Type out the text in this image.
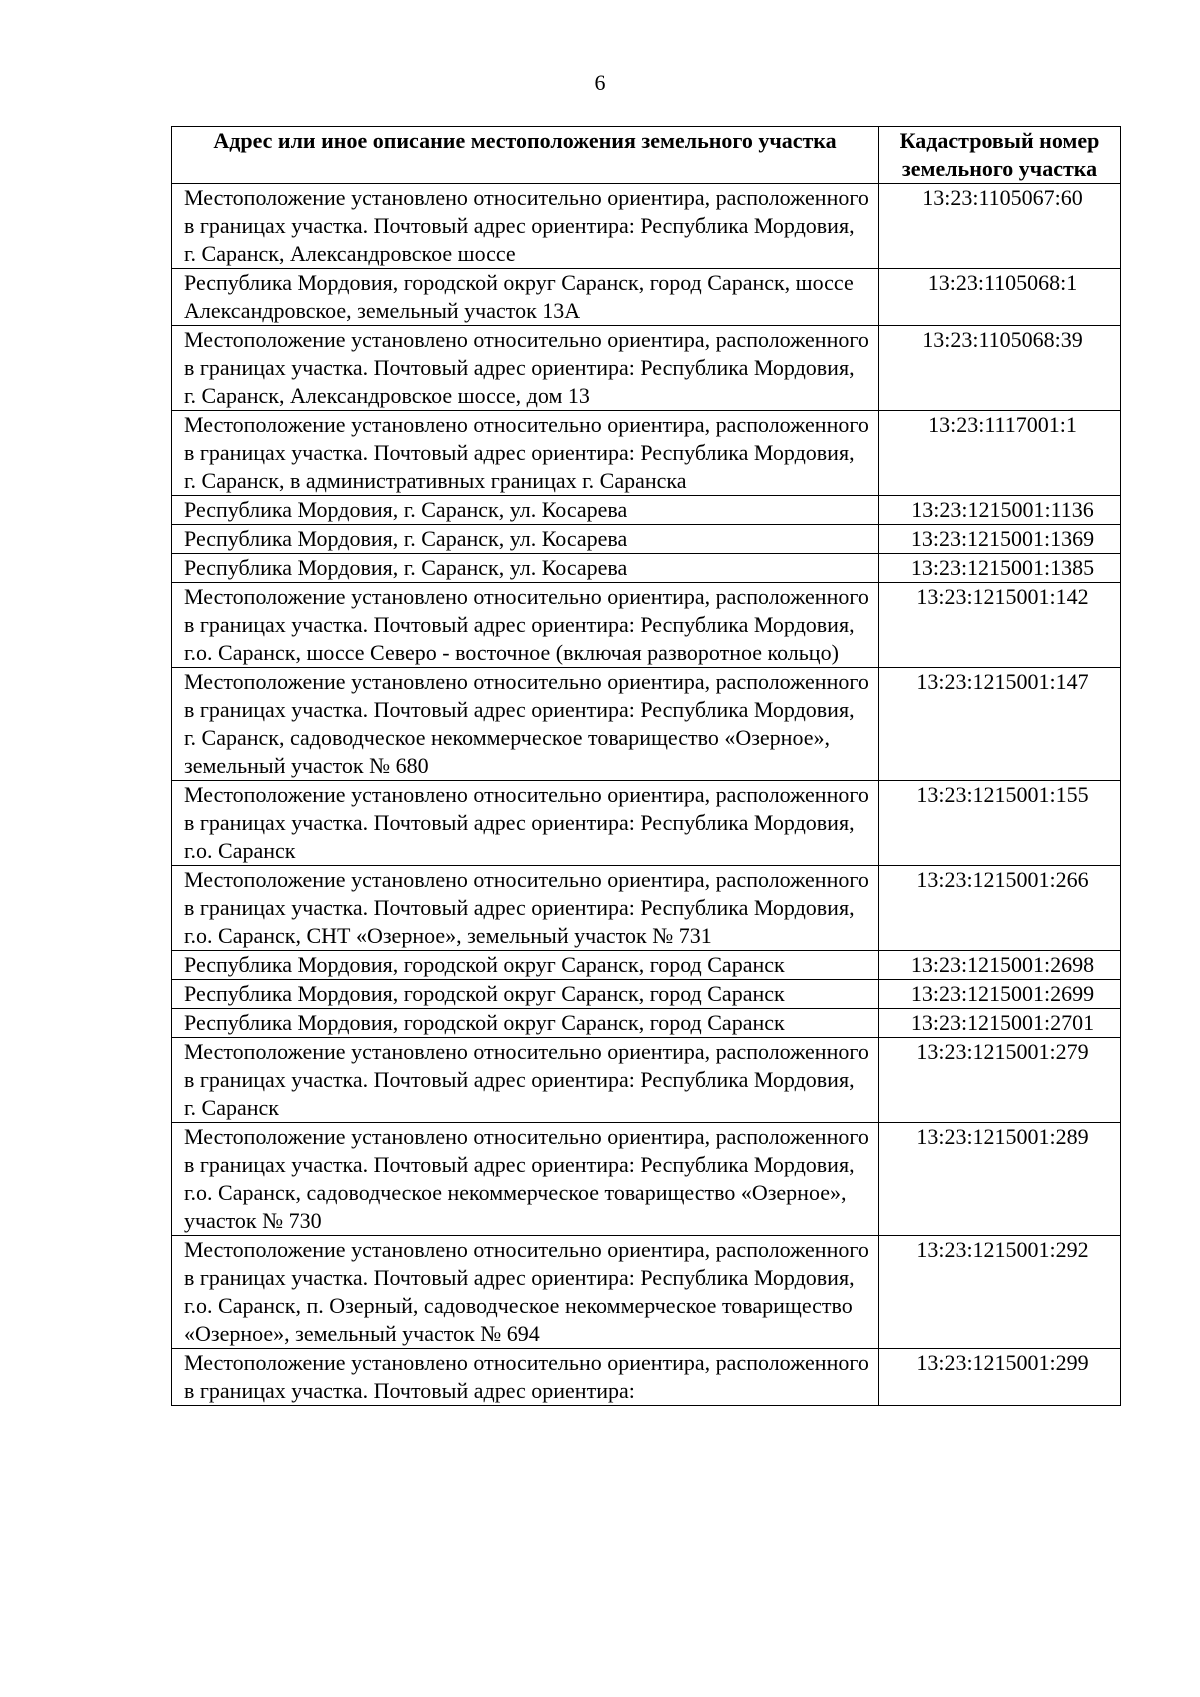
6
Адрес или иное описание местоположения земельного участка	Кадастровый номер земельного участка
Местоположение установлено относительно ориентира, расположенного в границах участка. Почтовый адрес ориентира: Республика Мордовия, г. Саранск, Александровское шоссе	13:23:1105067:60
Республика Мордовия, городской округ Саранск, город Саранск, шоссе Александровское, земельный участок 13А	13:23:1105068:1
Местоположение установлено относительно ориентира, расположенного в границах участка. Почтовый адрес ориентира: Республика Мордовия, г. Саранск, Александровское шоссе, дом 13	13:23:1105068:39
Местоположение установлено относительно ориентира, расположенного в границах участка. Почтовый адрес ориентира: Республика Мордовия, г. Саранск, в административных границах г. Саранска	13:23:1117001:1
Республика Мордовия, г. Саранск, ул. Косарева	13:23:1215001:1136
Республика Мордовия, г. Саранск, ул. Косарева	13:23:1215001:1369
Республика Мордовия, г. Саранск, ул. Косарева	13:23:1215001:1385
Местоположение установлено относительно ориентира, расположенного в границах участка. Почтовый адрес ориентира: Республика Мордовия, г.о. Саранск, шоссе Северо - восточное (включая разворотное кольцо)	13:23:1215001:142
Местоположение установлено относительно ориентира, расположенного в границах участка. Почтовый адрес ориентира: Республика Мордовия, г. Саранск, садоводческое некоммерческое товарищество «Озерное», земельный участок № 680	13:23:1215001:147
Местоположение установлено относительно ориентира, расположенного в границах участка. Почтовый адрес ориентира: Республика Мордовия, г.о. Саранск	13:23:1215001:155
Местоположение установлено относительно ориентира, расположенного в границах участка. Почтовый адрес ориентира: Республика Мордовия, г.о. Саранск, СНТ «Озерное», земельный участок № 731	13:23:1215001:266
Республика Мордовия, городской округ Саранск, город Саранск	13:23:1215001:2698
Республика Мордовия, городской округ Саранск, город Саранск	13:23:1215001:2699
Республика Мордовия, городской округ Саранск, город Саранск	13:23:1215001:2701
Местоположение установлено относительно ориентира, расположенного в границах участка. Почтовый адрес ориентира: Республика Мордовия, г. Саранск	13:23:1215001:279
Местоположение установлено относительно ориентира, расположенного в границах участка. Почтовый адрес ориентира: Республика Мордовия, г.о. Саранск, садоводческое некоммерческое товарищество «Озерное», участок № 730	13:23:1215001:289
Местоположение установлено относительно ориентира, расположенного в границах участка. Почтовый адрес ориентира: Республика Мордовия, г.о. Саранск, п. Озерный, садоводческое некоммерческое товарищество «Озерное», земельный участок № 694	13:23:1215001:292
Местоположение установлено относительно ориентира, расположенного в границах участка. Почтовый адрес ориентира:	13:23:1215001:299
